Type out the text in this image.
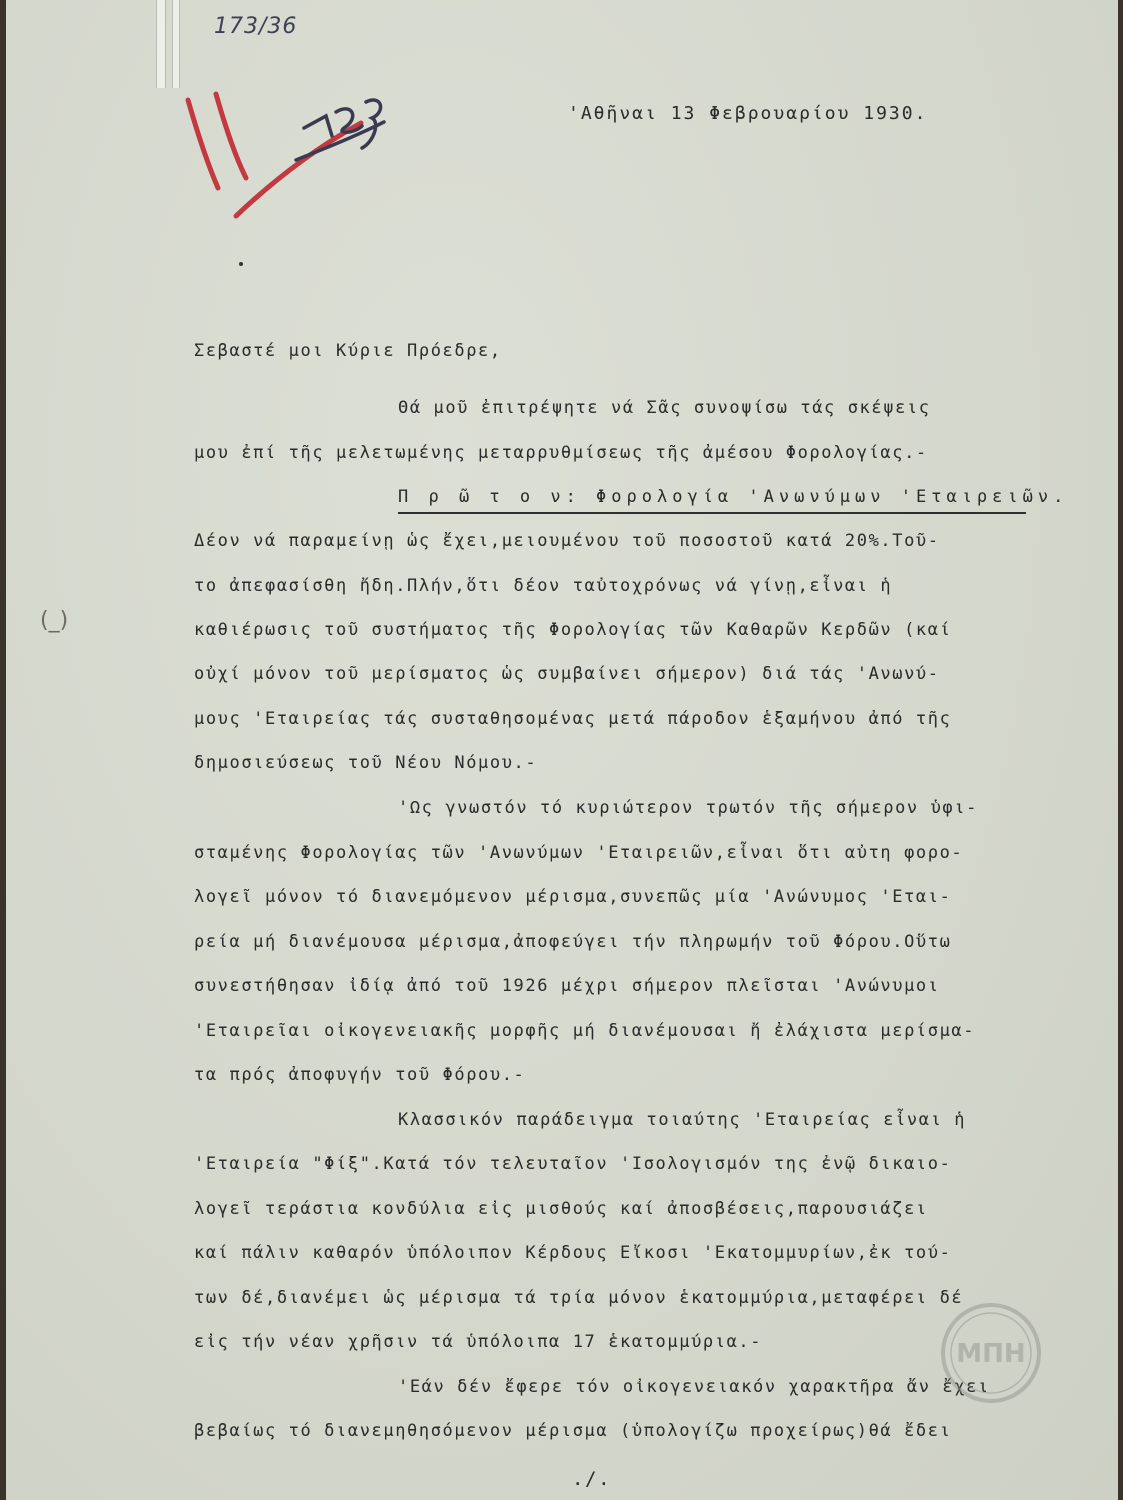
173/36
(_)
'Αθῆναι 13 Φεβρουαρίου 1930.
Σεβαστέ μοι Κύριε Πρόεδρε,
Θά μοῦ ἐπιτρέψητε νά Σᾶς συνοψίσω τάς σκέψεις
μου ἐπί τῆς μελετωμένης μεταρρυθμίσεως τῆς ἀμέσου Φορολογίας.-
Π ρ ῶ τ ο ν: Φορολογία 'Ανωνύμων 'Εταιρειῶν.
Δέον νά παραμείνῃ ὡς ἔχει,μειουμένου τοῦ ποσοστοῦ κατά 20%.Τοῦ-
το ἀπεφασίσθη ἤδη.Πλήν,ὅτι δέον ταὐτοχρόνως νά γίνῃ,εἶναι ἡ
καθιέρωσις τοῦ συστήματος τῆς Φορολογίας τῶν Καθαρῶν Κερδῶν (καί
οὐχί μόνον τοῦ μερίσματος ὡς συμβαίνει σήμερον) διά τάς 'Ανωνύ-
μους 'Εταιρείας τάς συσταθησομένας μετά πάροδον ἑξαμήνου ἀπό τῆς
δημοσιεύσεως τοῦ Νέου Νόμου.-
'Ως γνωστόν τό κυριώτερον τρωτόν τῆς σήμερον ὑφι-
σταμένης Φορολογίας τῶν 'Ανωνύμων 'Εταιρειῶν,εἶναι ὅτι αὐτη φορο-
λογεῖ μόνον τό διανεμόμενον μέρισμα,συνεπῶς μία 'Ανώνυμος 'Εται-
ρεία μή διανέμουσα μέρισμα,ἀποφεύγει τήν πληρωμήν τοῦ Φόρου.Οὕτω
συνεστήθησαν ἰδίᾳ ἀπό τοῦ 1926 μέχρι σήμερον πλεῖσται 'Ανώνυμοι
'Εταιρεῖαι οἰκογενειακῆς μορφῆς μή διανέμουσαι ἤ ἐλάχιστα μερίσμα-
τα πρός ἀποφυγήν τοῦ Φόρου.-
Κλασσικόν παράδειγμα τοιαύτης 'Εταιρείας εἶναι ἡ
'Εταιρεία "Φίξ".Κατά τόν τελευταῖον 'Ισολογισμόν της ἐνῷ δικαιο-
λογεῖ τεράστια κονδύλια εἰς μισθούς καί ἀποσβέσεις,παρουσιάζει
καί πάλιν καθαρόν ὑπόλοιπον Κέρδους Εἴκοσι 'Εκατομμυρίων,ἐκ τού-
των δέ,διανέμει ὡς μέρισμα τά τρία μόνον ἑκατομμύρια,μεταφέρει δέ
εἰς τήν νέαν χρῆσιν τά ὑπόλοιπα 17 ἑκατομμύρια.-
'Εάν δέν ἔφερε τόν οἰκογενειακόν χαρακτῆρα ἄν ἔχει
βεβαίως τό διανεμηθησόμενον μέρισμα (ὑπολογίζω προχείρως)θά ἔδει
./.
ΜΠΗ
